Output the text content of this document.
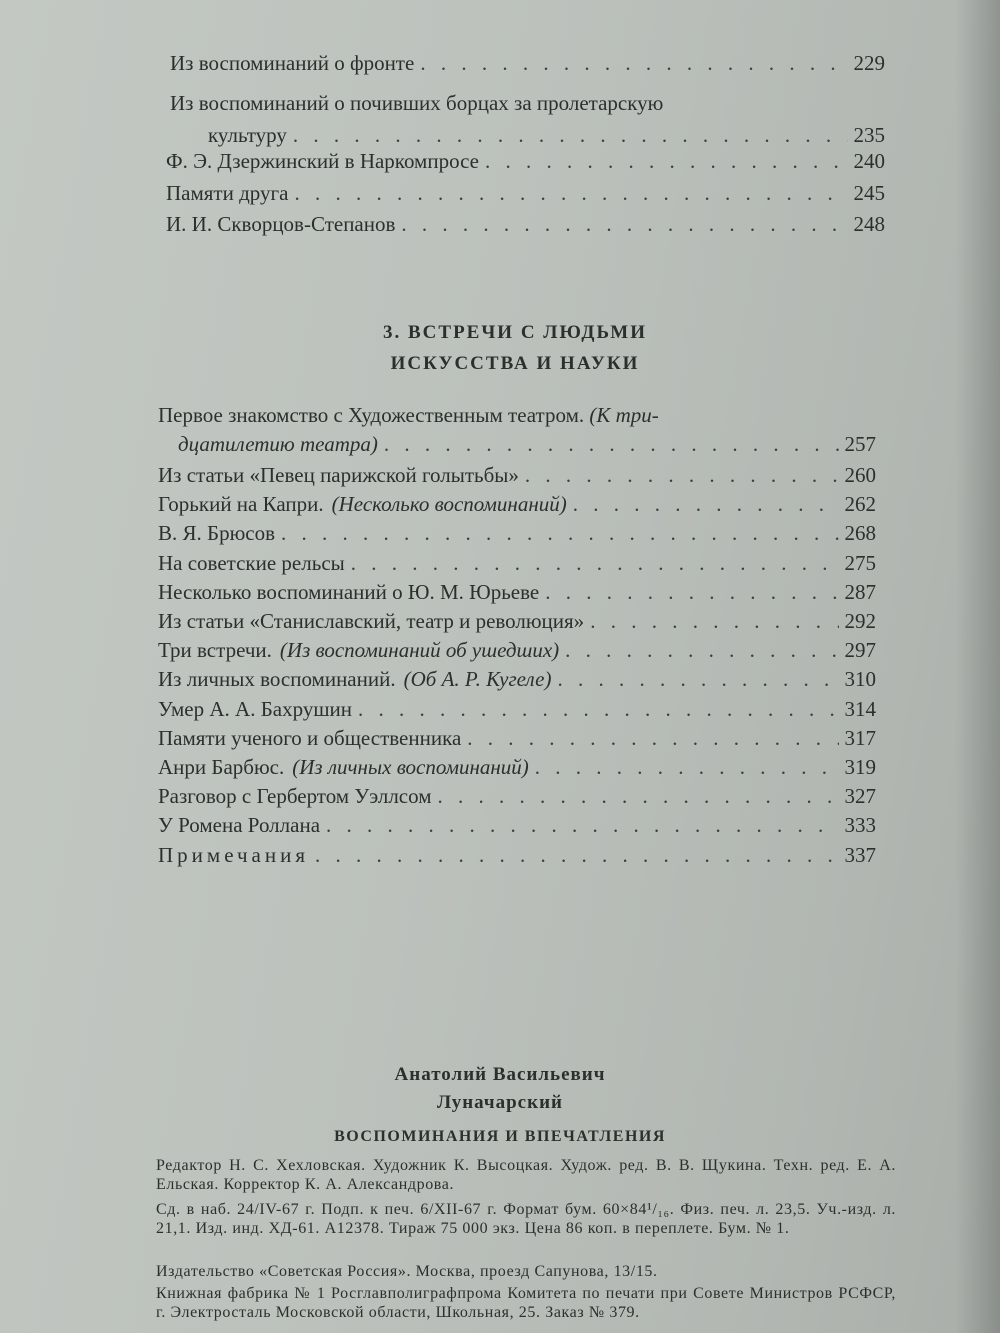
Из воспоминаний о фронте . . .	229
Из воспоминаний о почивших борцах за пролетарскую
культуру . . .	235
Ф. Э. Дзержинский в Наркомпросе . . .	240
Памяти друга . . .	245
И. И. Скворцов-Степанов . . .	248
3. ВСТРЕЧИ С ЛЮДЬМИ
ИСКУССТВА И НАУКИ
Первое знакомство с Художественным театром. (К три-
дцатилетию театра) . . .	257
Из статьи «Певец парижской голытьбы» . . .	260
Горький на Капри. (Несколько воспоминаний) . . .	262
В. Я. Брюсов . . .	268
На советские рельсы . . .	275
Несколько воспоминаний о Ю. М. Юрьеве . . .	287
Из статьи «Станиславский, театр и революция» . . .	292
Три встречи. (Из воспоминаний об ушедших) . . .	297
Из личных воспоминаний. (Об А. Р. Кугеле) . . .	310
Умер А. А. Бахрушин . . .	314
Памяти ученого и общественника . . .	317
Анри Барбюс. (Из личных воспоминаний) . . .	319
Разговор с Гербертом Уэллсом . . .	327
У Ромена Роллана . . .	333
Примечания . . .	337
Анатолий Васильевич
Луначарский
ВОСПОМИНАНИЯ И ВПЕЧАТЛЕНИЯ
Редактор Н. С. Хехловская. Художник К. Высоцкая. Худож. ред. В. В. Щукина. Техн. ред. Е. А. Ельская. Корректор К. А. Александрова.
Сд. в наб. 24/IV-67 г. Подп. к печ. 6/XII-67 г. Формат бум. 60×84¹/₁₆. Физ. печ. л. 23,5. Уч.-изд. л. 21,1. Изд. инд. ХД-61. А12378. Тираж 75 000 экз. Цена 86 коп. в переплете. Бум. № 1.
Издательство «Советская Россия». Москва, проезд Сапунова, 13/15.
Книжная фабрика № 1 Росглавполиграфпрома Комитета по печати при Совете Министров РСФСР, г. Электросталь Московской области, Школьная, 25. Заказ № 379.
